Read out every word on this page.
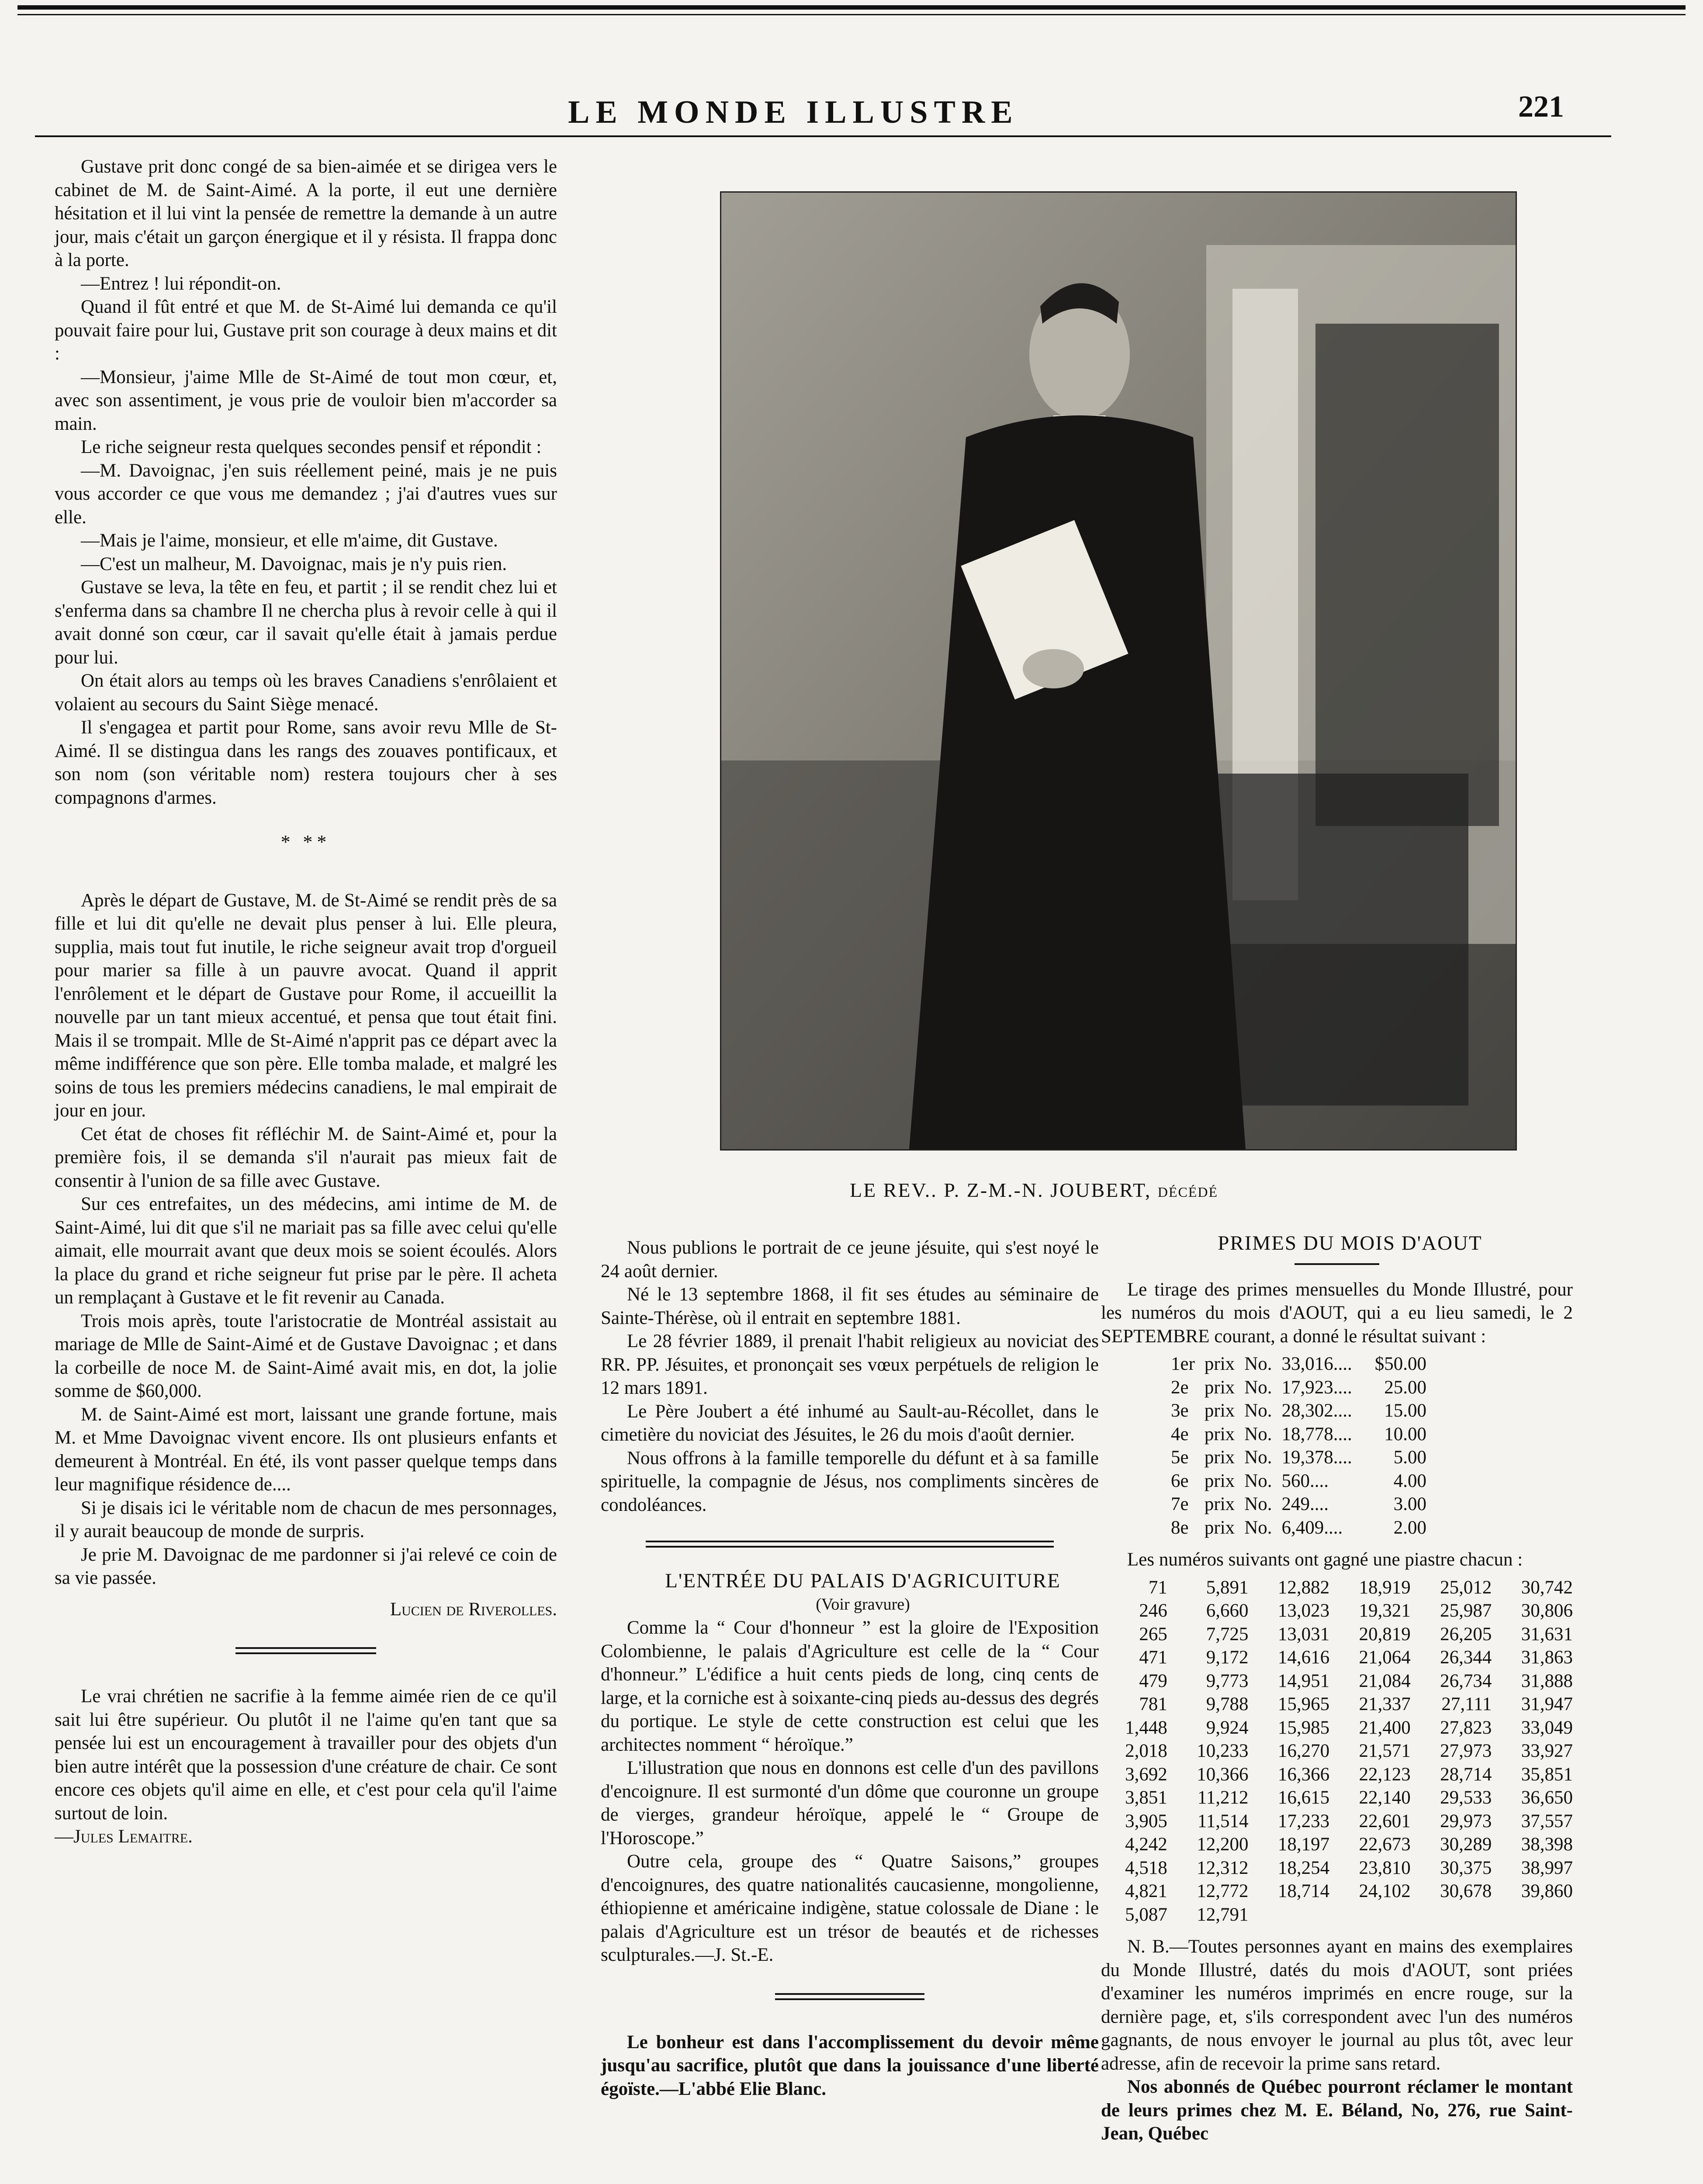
LE MONDE ILLUSTRE	221

Gustave prit donc congé de sa bien-aimée et se dirigea vers le cabinet de M. de Saint-Aimé. A la porte, il eut une dernière hésitation et il lui vint la pensée de remettre la demande à un autre jour, mais c'était un garçon énergique et il y résista. Il frappa donc à la porte.

—Entrez ! lui répondit-on.

Quand il fût entré et que M. de St-Aimé lui demanda ce qu'il pouvait faire pour lui, Gustave prit son courage à deux mains et dit :

—Monsieur, j'aime Mlle de St-Aimé de tout mon cœur, et, avec son assentiment, je vous prie de vouloir bien m'accorder sa main.

Le riche seigneur resta quelques secondes pensif et répondit :

—M. Davoignac, j'en suis réellement peiné, mais je ne puis vous accorder ce que vous me demandez ; j'ai d'autres vues sur elle.

—Mais je l'aime, monsieur, et elle m'aime, dit Gustave.

—C'est un malheur, M. Davoignac, mais je n'y puis rien.

Gustave se leva, la tête en feu, et partit ; il se rendit chez lui et s'enferma dans sa chambre Il ne chercha plus à revoir celle à qui il avait donné son cœur, car il savait qu'elle était à jamais perdue pour lui.

On était alors au temps où les braves Canadiens s'enrôlaient et volaient au secours du Saint Siège menacé.

Il s'engagea et partit pour Rome, sans avoir revu Mlle de St-Aimé. Il se distingua dans les rangs des zouaves pontificaux, et son nom (son véritable nom) restera toujours cher à ses compagnons d'armes.

* **

Après le départ de Gustave, M. de St-Aimé se rendit près de sa fille et lui dit qu'elle ne devait plus penser à lui. Elle pleura, supplia, mais tout fut inutile, le riche seigneur avait trop d'orgueil pour marier sa fille à un pauvre avocat. Quand il apprit l'enrôlement et le départ de Gustave pour Rome, il accueillit la nouvelle par un tant mieux accentué, et pensa que tout était fini. Mais il se trompait. Mlle de St-Aimé n'apprit pas ce départ avec la même indifférence que son père. Elle tomba malade, et malgré les soins de tous les premiers médecins canadiens, le mal empirait de jour en jour.

Cet état de choses fit réfléchir M. de Saint-Aimé et, pour la première fois, il se demanda s'il n'aurait pas mieux fait de consentir à l'union de sa fille avec Gustave.

Sur ces entrefaites, un des médecins, ami intime de M. de Saint-Aimé, lui dit que s'il ne mariait pas sa fille avec celui qu'elle aimait, elle mourrait avant que deux mois se soient écoulés. Alors la place du grand et riche seigneur fut prise par le père. Il acheta un remplaçant à Gustave et le fit revenir au Canada.

Trois mois après, toute l'aristocratie de Montréal assistait au mariage de Mlle de Saint-Aimé et de Gustave Davoignac ; et dans la corbeille de noce M. de Saint-Aimé avait mis, en dot, la jolie somme de $60,000.

M. de Saint-Aimé est mort, laissant une grande fortune, mais M. et Mme Davoignac vivent encore. Ils ont plusieurs enfants et demeurent à Montréal. En été, ils vont passer quelque temps dans leur magnifique résidence de....

Si je disais ici le véritable nom de chacun de mes personnages, il y aurait beaucoup de monde de surpris.

Je prie M. Davoignac de me pardonner si j'ai relevé ce coin de sa vie passée.

Lucien de Riverolles.

Le vrai chrétien ne sacrifie à la femme aimée rien de ce qu'il sait lui être supérieur. Ou plutôt il ne l'aime qu'en tant que sa pensée lui est un encouragement à travailler pour des objets d'un bien autre intérêt que la possession d'une créature de chair. Ce sont encore ces objets qu'il aime en elle, et c'est pour cela qu'il l'aime surtout de loin.

—Jules Lemaitre.

LE REV.. P. Z-M.-N. JOUBERT, DÉCÉDÉ

Nous publions le portrait de ce jeune jésuite, qui s'est noyé le 24 août dernier.

Né le 13 septembre 1868, il fit ses études au séminaire de Sainte-Thérèse, où il entrait en septembre 1881.

Le 28 février 1889, il prenait l'habit religieux au noviciat des RR. PP. Jésuites, et prononçait ses vœux perpétuels de religion le 12 mars 1891.

Le Père Joubert a été inhumé au Sault-au-Récollet, dans le cimetière du noviciat des Jésuites, le 26 du mois d'août dernier.

Nous offrons à la famille temporelle du défunt et à sa famille spirituelle, la compagnie de Jésus, nos compliments sincères de condoléances.

L'ENTRÉE DU PALAIS D'AGRICUITURE

(Voir gravure)

Comme la “ Cour d'honneur ” est la gloire de l'Exposition Colombienne, le palais d'Agriculture est celle de la “ Cour d'honneur.” L'édifice a huit cents pieds de long, cinq cents de large, et la corniche est à soixante-cinq pieds au-dessus des degrés du portique. Le style de cette construction est celui que les architectes nomment “ héroïque.”

L'illustration que nous en donnons est celle d'un des pavillons d'encoignure. Il est surmonté d'un dôme que couronne un groupe de vierges, grandeur héroïque, appelé le “ Groupe de l'Horoscope.”

Outre cela, groupe des “ Quatre Saisons,” groupes d'encoignures, des quatre nationalités caucasienne, mongolienne, éthiopienne et américaine indigène, statue colossale de Diane : le palais d'Agriculture est un trésor de beautés et de richesses sculpturales.—J. St.-E.

Le bonheur est dans l'accomplissement du devoir même jusqu'au sacrifice, plutôt que dans la jouissance d'une liberté égoïste.—L'abbé Elie Blanc.

PRIMES DU MOIS D'AOUT

Le tirage des primes mensuelles du Monde Illustré, pour les numéros du mois d'AOUT, qui a eu lieu samedi, le 2 SEPTEMBRE courant, a donné le résultat suivant :

1er	prix	No.	33,016....	$50.00
2e	prix	No.	17,923....	25.00
3e	prix	No.	28,302....	15.00
4e	prix	No.	18,778....	10.00
5e	prix	No.	19,378....	5.00
6e	prix	No.	560....	4.00
7e	prix	No.	249....	3.00
8e	prix	No.	6,409....	2.00

Les numéros suivants ont gagné une piastre chacun :

71	5,891	12,882	18,919	25,012	30,742
246	6,660	13,023	19,321	25,987	30,806
265	7,725	13,031	20,819	26,205	31,631
471	9,172	14,616	21,064	26,344	31,863
479	9,773	14,951	21,084	26,734	31,888
781	9,788	15,965	21,337	27,111	31,947
1,448	9,924	15,985	21,400	27,823	33,049
2,018	10,233	16,270	21,571	27,973	33,927
3,692	10,366	16,366	22,123	28,714	35,851
3,851	11,212	16,615	22,140	29,533	36,650
3,905	11,514	17,233	22,601	29,973	37,557
4,242	12,200	18,197	22,673	30,289	38,398
4,518	12,312	18,254	23,810	30,375	38,997
4,821	12,772	18,714	24,102	30,678	39,860
5,087	12,791				

N. B.—Toutes personnes ayant en mains des exemplaires du Monde Illustré, datés du mois d'AOUT, sont priées d'examiner les numéros imprimés en encre rouge, sur la dernière page, et, s'ils correspondent avec l'un des numéros gagnants, de nous envoyer le journal au plus tôt, avec leur adresse, afin de recevoir la prime sans retard.

Nos abonnés de Québec pourront réclamer le montant de leurs primes chez M. E. Béland, No, 276, rue Saint-Jean, Québec
